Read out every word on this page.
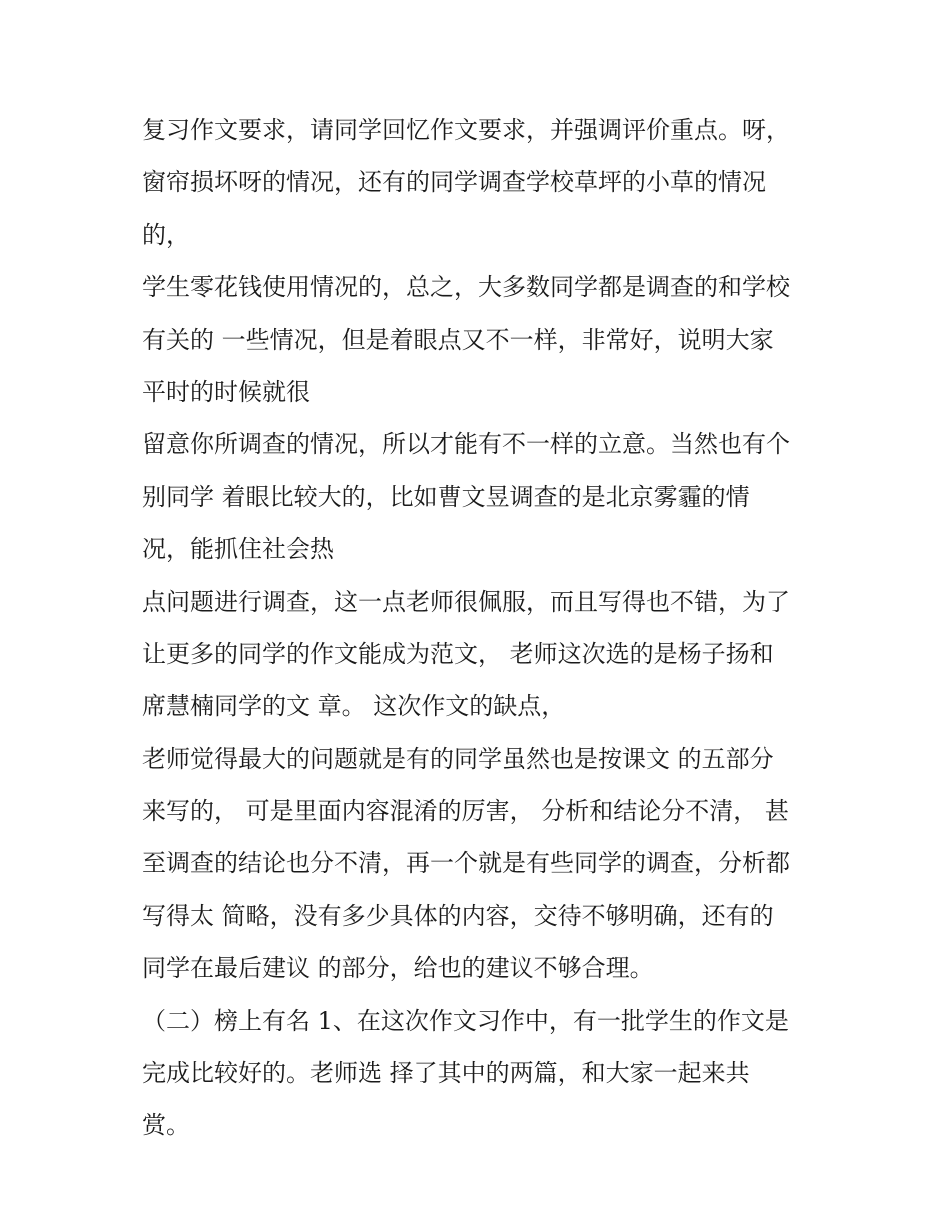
复习作文要求，请同学回忆作文要求，并强调评价重点。呀，
窗帘损坏呀的情况，还有的同学调查学校草坪的小草的情况
的，
学生零花钱使用情况的，总之，大多数同学都是调查的和学校
有关的 一些情况，但是着眼点又不一样，非常好，说明大家
平时的时候就很
留意你所调查的情况，所以才能有不一样的立意。当然也有个
别同学 着眼比较大的，比如曹文昱调查的是北京雾霾的情
况，能抓住社会热
点问题进行调查，这一点老师很佩服，而且写得也不错，为了
让更多的同学的作文能成为范文， 老师这次选的是杨子扬和
席慧楠同学的文 章。 这次作文的缺点，
老师觉得最大的问题就是有的同学虽然也是按课文 的五部分
来写的， 可是里面内容混淆的厉害， 分析和结论分不清， 甚
至调查的结论也分不清，再一个就是有些同学的调查，分析都
写得太 简略，没有多少具体的内容，交待不够明确，还有的
同学在最后建议 的部分，给也的建议不够合理。
（二）榜上有名 1、在这次作文习作中，有一批学生的作文是
完成比较好的。老师选 择了其中的两篇，和大家一起来共
赏。
